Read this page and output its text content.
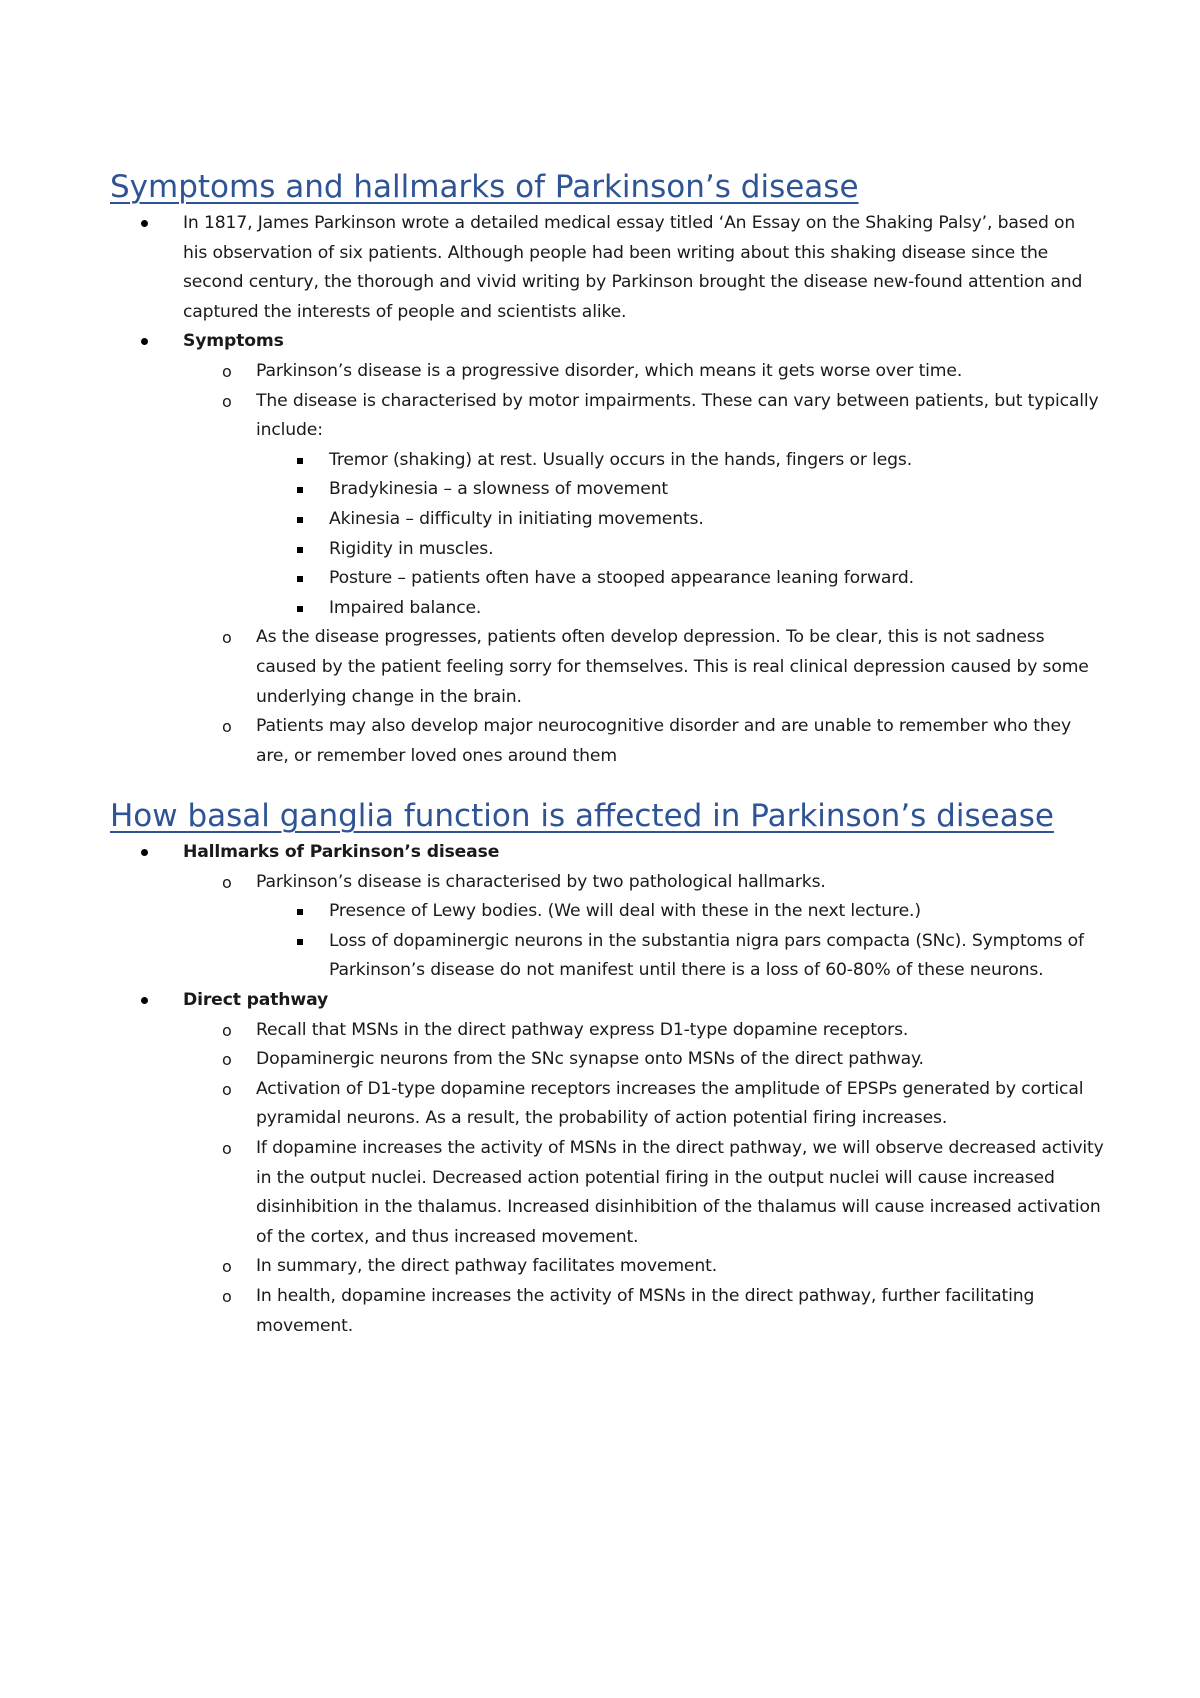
Symptoms and hallmarks of Parkinson’s disease
In 1817, James Parkinson wrote a detailed medical essay titled ‘An Essay on the Shaking Palsy’, based on his observation of six patients. Although people had been writing about this shaking disease since the second century, the thorough and vivid writing by Parkinson brought the disease new-found attention and captured the interests of people and scientists alike.
Symptoms
o Parkinson’s disease is a progressive disorder, which means it gets worse over time.
o The disease is characterised by motor impairments. These can vary between patients, but typically include:
Tremor (shaking) at rest. Usually occurs in the hands, fingers or legs.
Bradykinesia – a slowness of movement
Akinesia – difficulty in initiating movements.
Rigidity in muscles.
Posture – patients often have a stooped appearance leaning forward.
Impaired balance.
o As the disease progresses, patients often develop depression. To be clear, this is not sadness caused by the patient feeling sorry for themselves. This is real clinical depression caused by some underlying change in the brain.
o Patients may also develop major neurocognitive disorder and are unable to remember who they are, or remember loved ones around them
How basal ganglia function is affected in Parkinson’s disease
Hallmarks of Parkinson’s disease
o Parkinson’s disease is characterised by two pathological hallmarks.
Presence of Lewy bodies. (We will deal with these in the next lecture.)
Loss of dopaminergic neurons in the substantia nigra pars compacta (SNc). Symptoms of Parkinson’s disease do not manifest until there is a loss of 60-80% of these neurons.
Direct pathway
o Recall that MSNs in the direct pathway express D1-type dopamine receptors.
o Dopaminergic neurons from the SNc synapse onto MSNs of the direct pathway.
o Activation of D1-type dopamine receptors increases the amplitude of EPSPs generated by cortical pyramidal neurons. As a result, the probability of action potential firing increases.
o If dopamine increases the activity of MSNs in the direct pathway, we will observe decreased activity in the output nuclei. Decreased action potential firing in the output nuclei will cause increased disinhibition in the thalamus. Increased disinhibition of the thalamus will cause increased activation of the cortex, and thus increased movement.
o In summary, the direct pathway facilitates movement.
o In health, dopamine increases the activity of MSNs in the direct pathway, further facilitating movement.
